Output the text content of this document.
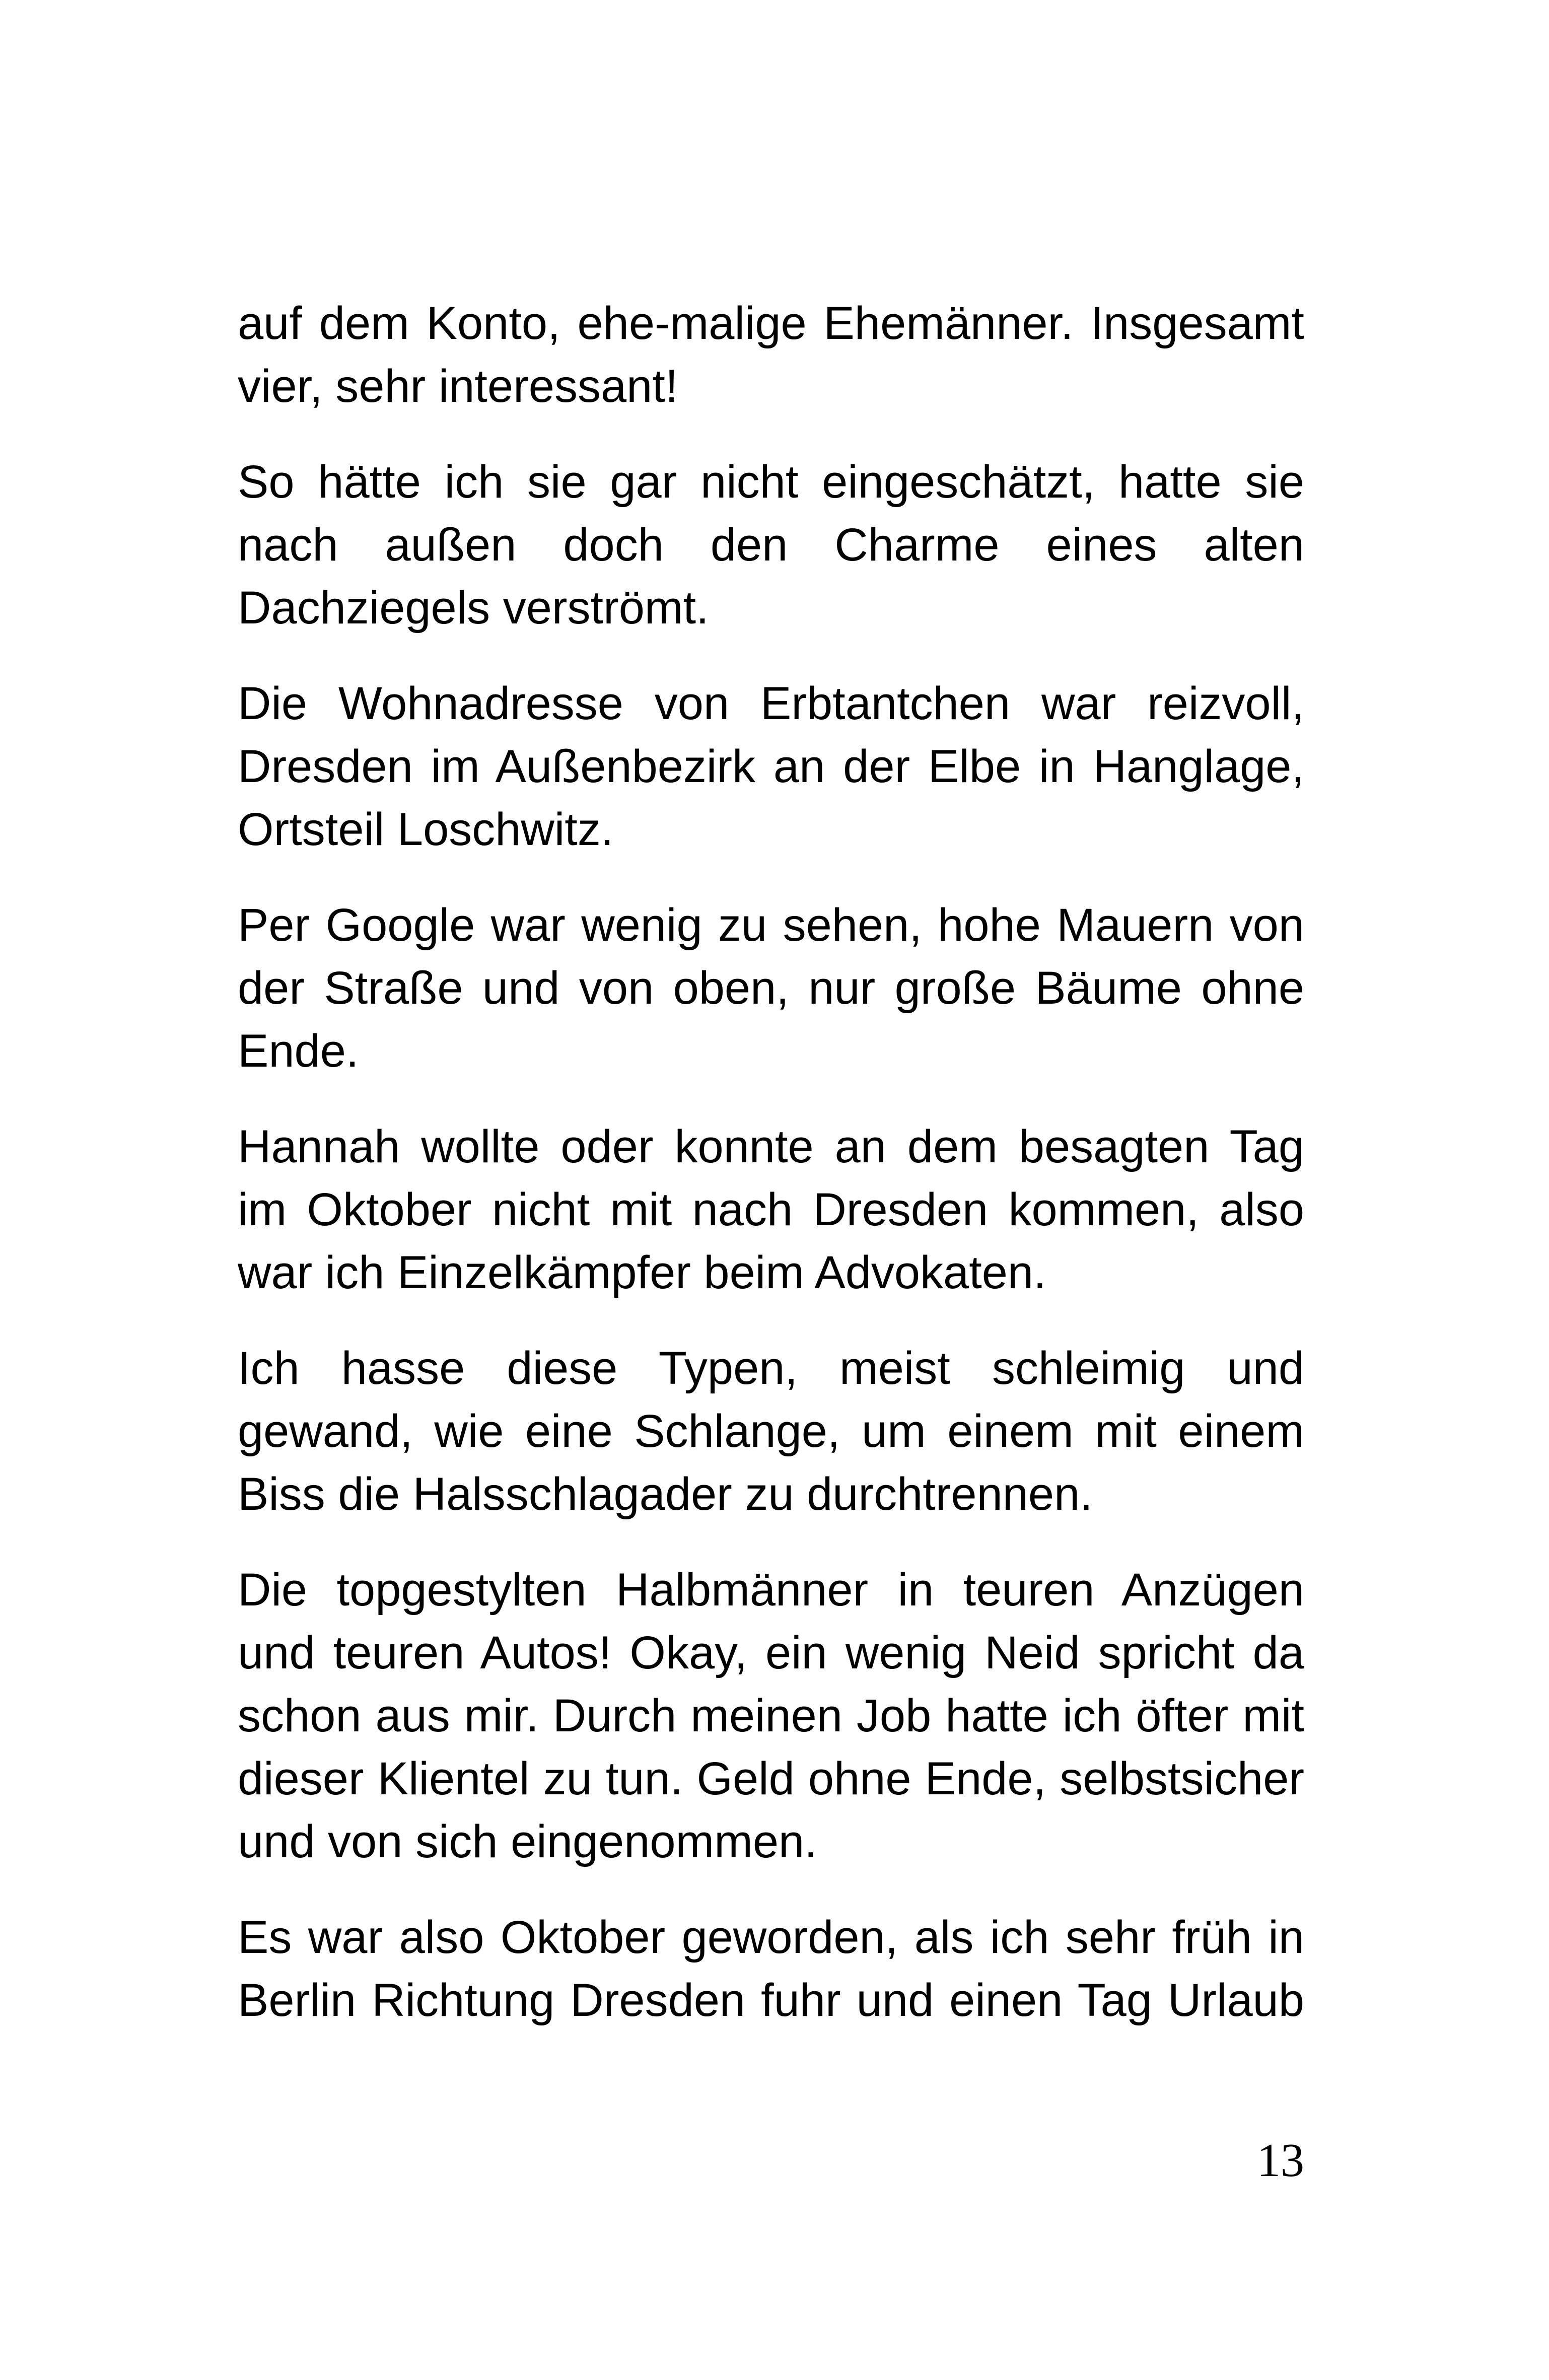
auf dem Konto, ehe-malige Ehemänner. Insgesamt vier, sehr interessant!

So hätte ich sie gar nicht eingeschätzt, hatte sie nach außen doch den Charme eines alten Dachziegels verströmt.

Die Wohnadresse von Erbtantchen war reizvoll, Dresden im Außenbezirk an der Elbe in Hanglage, Ortsteil Loschwitz.

Per Google war wenig zu sehen, hohe Mauern von der Straße und von oben, nur große Bäume ohne Ende.

Hannah wollte oder konnte an dem besagten Tag im Oktober nicht mit nach Dresden kommen, also war ich Einzelkämpfer beim Advokaten.

Ich hasse diese Typen, meist schleimig und gewand, wie eine Schlange, um einem mit einem Biss die Halsschlagader zu durchtrennen.

Die topgestylten Halbmänner in teuren Anzügen und teuren Autos! Okay, ein wenig Neid spricht da schon aus mir. Durch meinen Job hatte ich öfter mit dieser Klientel zu tun. Geld ohne Ende, selbstsicher und von sich eingenommen.

Es war also Oktober geworden, als ich sehr früh in Berlin Richtung Dresden fuhr und einen Tag Urlaub

13
